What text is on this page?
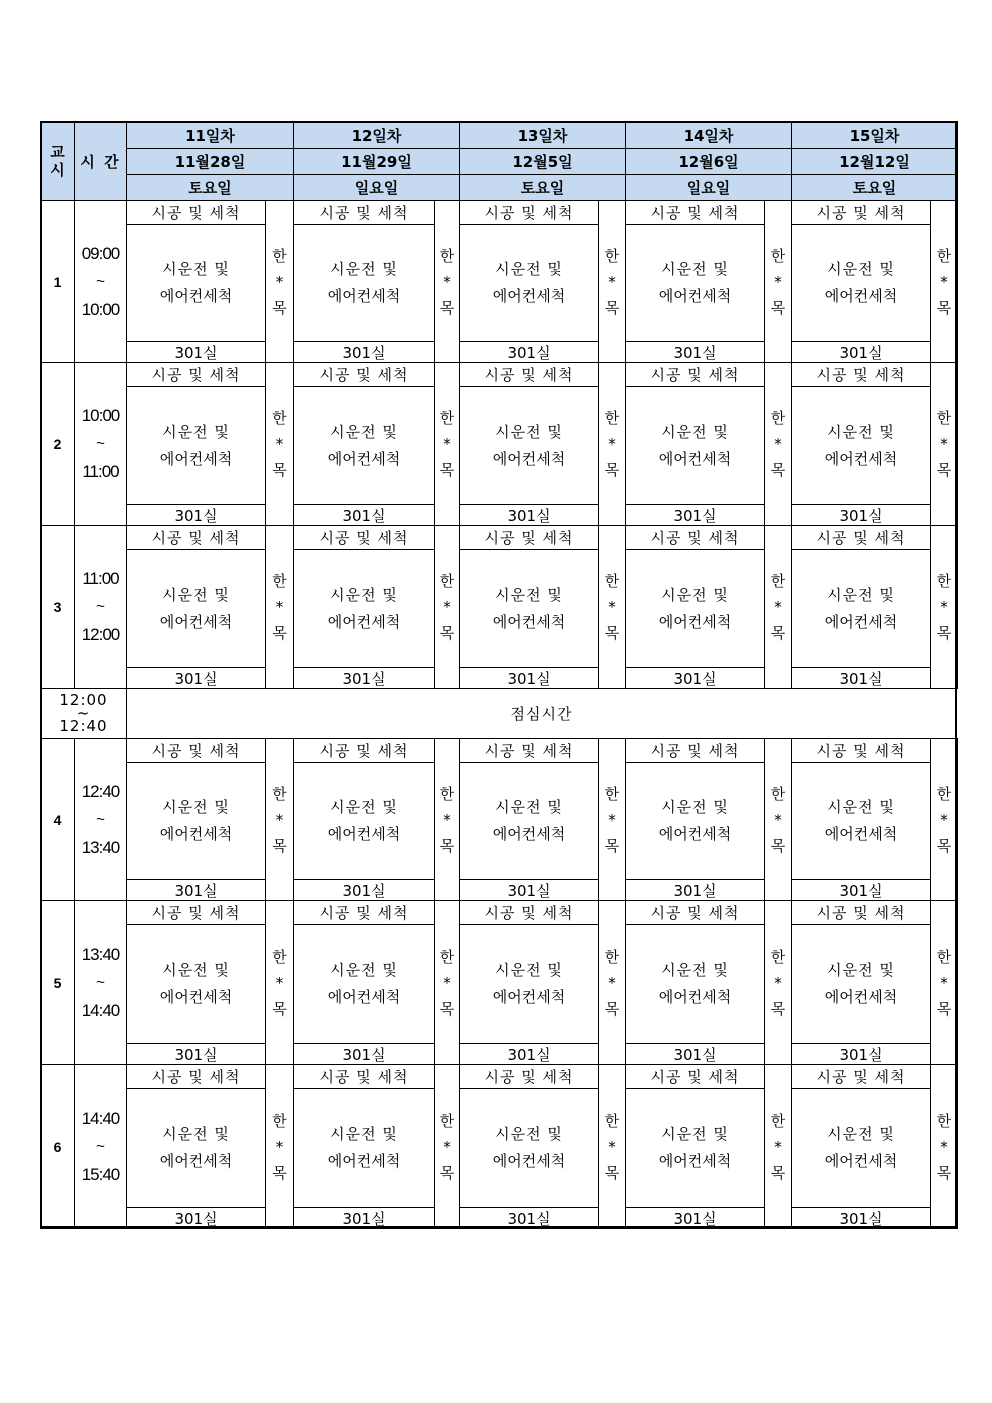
교
시 시 간
11일차
11월28일
토요일
12일차
11월29일
일요일
13일차
12월5일
토요일
14일차
12월6일
일요일
15일차
12월12일
토요일
1
09:00
~
10:00
시공 및 세척
시운전 및
에어컨세척
301실
한
*
목
시공 및 세척
시운전 및
에어컨세척
301실
한
*
목
시공 및 세척
시운전 및
에어컨세척
301실
한
*
목
시공 및 세척
시운전 및
에어컨세척
301실
한
*
목
시공 및 세척
시운전 및
에어컨세척
301실
한
*
목
2
10:00
~
11:00
시공 및 세척
시운전 및
에어컨세척
301실
한
*
목
시공 및 세척
시운전 및
에어컨세척
301실
한
*
목
시공 및 세척
시운전 및
에어컨세척
301실
한
*
목
시공 및 세척
시운전 및
에어컨세척
301실
한
*
목
시공 및 세척
시운전 및
에어컨세척
301실
한
*
목
3
11:00
~
12:00
시공 및 세척
시운전 및
에어컨세척
301실
한
*
목
시공 및 세척
시운전 및
에어컨세척
301실
한
*
목
시공 및 세척
시운전 및
에어컨세척
301실
한
*
목
시공 및 세척
시운전 및
에어컨세척
301실
한
*
목
시공 및 세척
시운전 및
에어컨세척
301실
한
*
목
4
12:40
~
13:40
시공 및 세척
시운전 및
에어컨세척
301실
한
*
목
시공 및 세척
시운전 및
에어컨세척
301실
한
*
목
시공 및 세척
시운전 및
에어컨세척
301실
한
*
목
시공 및 세척
시운전 및
에어컨세척
301실
한
*
목
시공 및 세척
시운전 및
에어컨세척
301실
한
*
목
5
13:40
~
14:40
시공 및 세척
시운전 및
에어컨세척
301실
한
*
목
시공 및 세척
시운전 및
에어컨세척
301실
한
*
목
시공 및 세척
시운전 및
에어컨세척
301실
한
*
목
시공 및 세척
시운전 및
에어컨세척
301실
한
*
목
시공 및 세척
시운전 및
에어컨세척
301실
한
*
목
6
14:40
~
15:40
시공 및 세척
시운전 및
에어컨세척
301실
한
*
목
시공 및 세척
시운전 및
에어컨세척
301실
한
*
목
시공 및 세척
시운전 및
에어컨세척
301실
한
*
목
시공 및 세척
시운전 및
에어컨세척
301실
한
*
목
시공 및 세척
시운전 및
에어컨세척
301실
한
*
목
12:00
~
12:40
점심시간
